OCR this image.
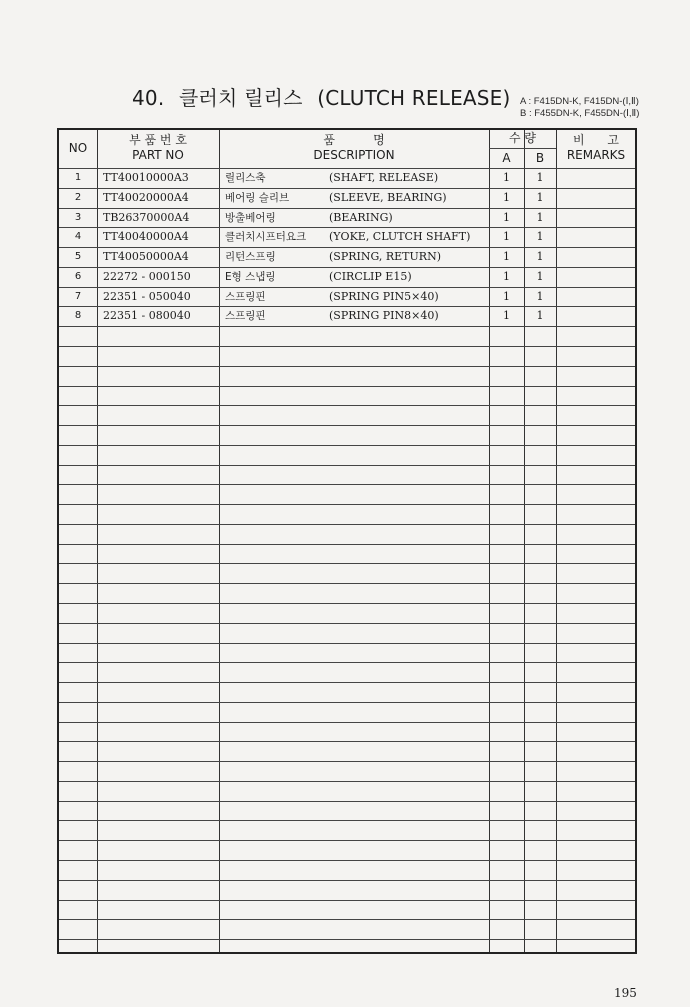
40. 클러치 릴리스 (CLUTCH RELEASE) A : F415DN-K, F415DN-(Ⅰ,Ⅱ)
B : F455DN-K, F455DN-(Ⅰ,Ⅱ)
NO
부 품 번 호
PART NO
품          명
DESCRIPTION
수 량
A	B
비      고
REMARKS
1	TT40010000A3	릴리스축	(SHAFT, RELEASE)	1	1
2	TT40020000A4	베어링 슬리브	(SLEEVE, BEARING)	1	1
3	TB26370000A4	방출베어링	(BEARING)	1	1
4	TT40040000A4	클러치시프터요크 (YOKE, CLUTCH SHAFT)	1	1
5	TT40050000A4	리턴스프링	(SPRING, RETURN)	1	1
6	22272 - 000150	E형 스냅링	(CIRCLIP E15)	1	1
7	22351 - 050040	스프링핀	(SPRING PIN5×40)	1	1
8	22351 - 080040	스프링핀	(SPRING PIN8×40)	1	1
195
